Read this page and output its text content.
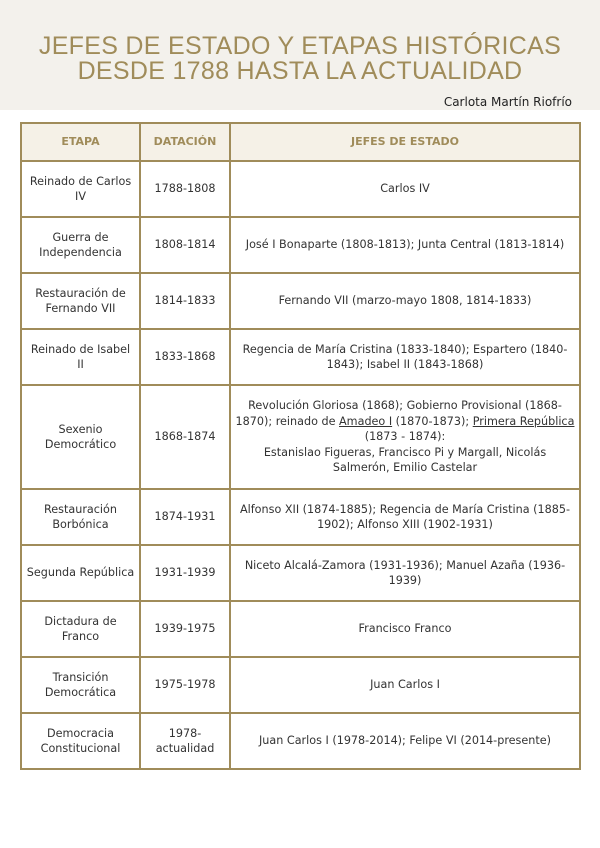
JEFES DE ESTADO Y ETAPAS HISTÓRICAS
DESDE 1788 HASTA LA ACTUALIDAD
Carlota Martín Riofrío
ETAPA	DATACIÓN	JEFES DE ESTADO
Reinado de Carlos IV	1788-1808	Carlos IV
Guerra de Independencia	1808-1814	José I Bonaparte (1808-1813); Junta Central (1813-1814)
Restauración de Fernando VII	1814-1833	Fernando VII (marzo-mayo 1808, 1814-1833)
Reinado de Isabel II	1833-1868	Regencia de María Cristina (1833-1840); Espartero (1840-1843); Isabel II (1843-1868)
Sexenio Democrático	1868-1874	Revolución Gloriosa (1868); Gobierno Provisional (1868-1870); reinado de Amadeo I (1870-1873); Primera República (1873 - 1874):
Estanislao Figueras, Francisco Pi y Margall, Nicolás Salmerón, Emilio Castelar
Restauración Borbónica	1874-1931	Alfonso XII (1874-1885); Regencia de María Cristina (1885-1902); Alfonso XIII (1902-1931)
Segunda República	1931-1939	Niceto Alcalá-Zamora (1931-1936); Manuel Azaña (1936-1939)
Dictadura de Franco	1939-1975	Francisco Franco
Transición Democrática	1975-1978	Juan Carlos I
Democracia Constitucional	1978-actualidad	Juan Carlos I (1978-2014); Felipe VI (2014-presente)
